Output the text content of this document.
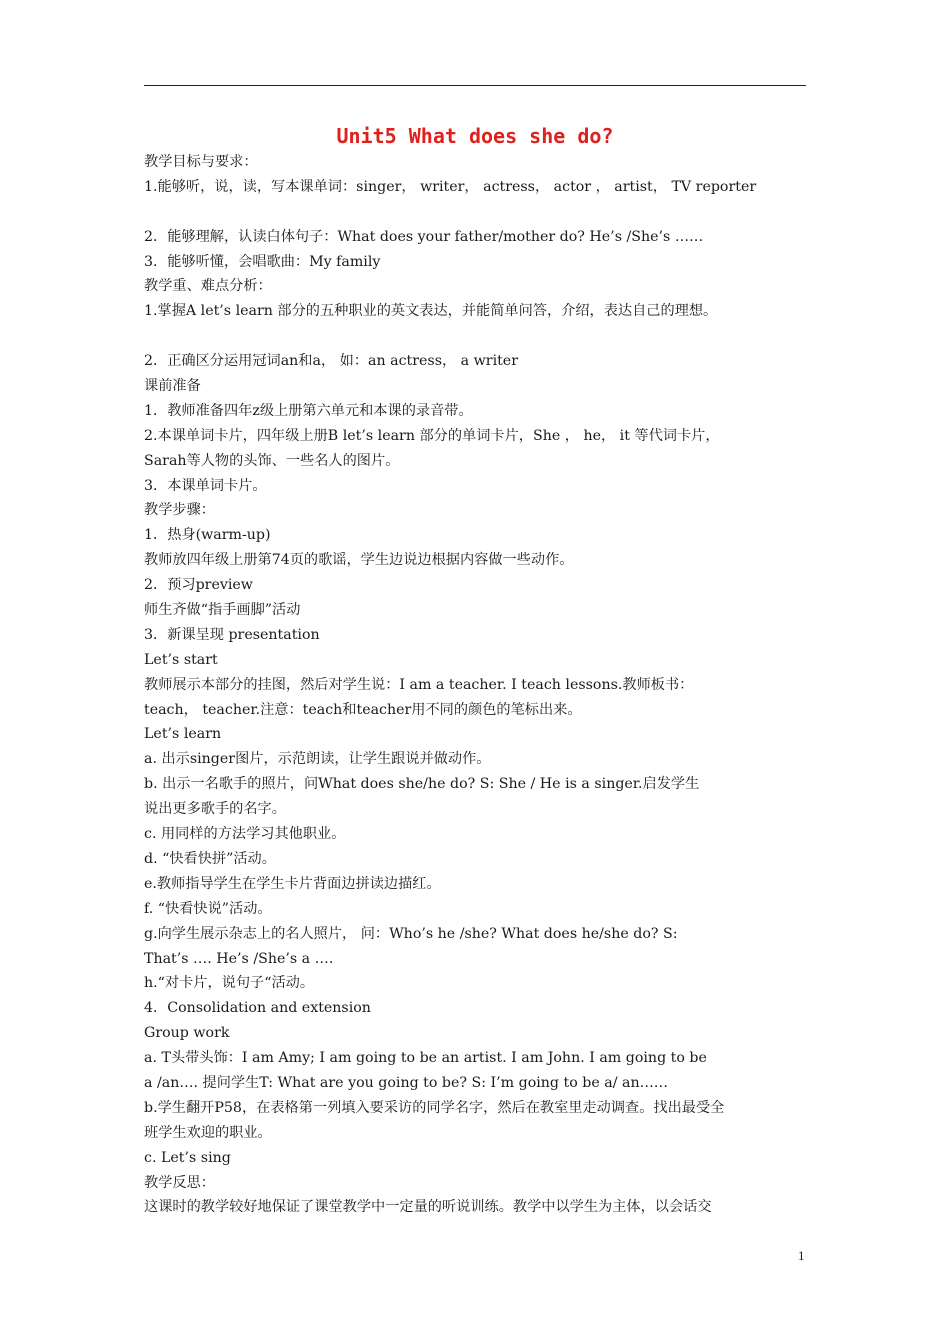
Unit5 What does she do?
教学目标与要求：
1.能够听，说，读，写本课单词：singer， writer， actress， actor ， artist， TV reporter
2．能够理解，认读白体句子：What does your father/mother do? He’s /She’s ……
3．能够听懂，会唱歌曲：My family
教学重、难点分析：
1.掌握A let’s learn 部分的五种职业的英文表达，并能简单问答，介绍，表达自己的理想。
2．正确区分运用冠词an和a， 如：an actress， a writer
课前准备
1．教师准备四年z级上册第六单元和本课的录音带。
2.本课单词卡片，四年级上册B let’s learn 部分的单词卡片，She ， he， it 等代词卡片，
Sarah等人物的头饰、一些名人的图片。
3．本课单词卡片。
教学步骤：
1．热身(warm-up)
教师放四年级上册第74页的歌谣，学生边说边根据内容做一些动作。
2．预习preview
师生齐做“指手画脚”活动
3．新课呈现 presentation
Let’s start
教师展示本部分的挂图，然后对学生说：I am a teacher. I teach lessons.教师板书：
teach， teacher.注意：teach和teacher用不同的颜色的笔标出来。
Let’s learn
a. 出示singer图片，示范朗读，让学生跟说并做动作。
b. 出示一名歌手的照片，问What does she/he do? S: She / He is a singer.启发学生
说出更多歌手的名字。
c. 用同样的方法学习其他职业。
d. “快看快拼”活动。
e.教师指导学生在学生卡片背面边拼读边描红。
f. “快看快说”活动。
g.向学生展示杂志上的名人照片， 问：Who’s he /she? What does he/she do? S:
That’s …. He’s /She’s a ….
h.“对卡片，说句子“活动。
4．Consolidation and extension
Group work
a. T头带头饰：I am Amy; I am going to be an artist. I am John. I am going to be
a /an…. 提问学生T: What are you going to be? S: I’m going to be a/ an……
b.学生翻开P58，在表格第一列填入要采访的同学名字，然后在教室里走动调查。找出最受全
班学生欢迎的职业。
c. Let’s sing
教学反思：
这课时的教学较好地保证了课堂教学中一定量的听说训练。教学中以学生为主体，以会话交
1
